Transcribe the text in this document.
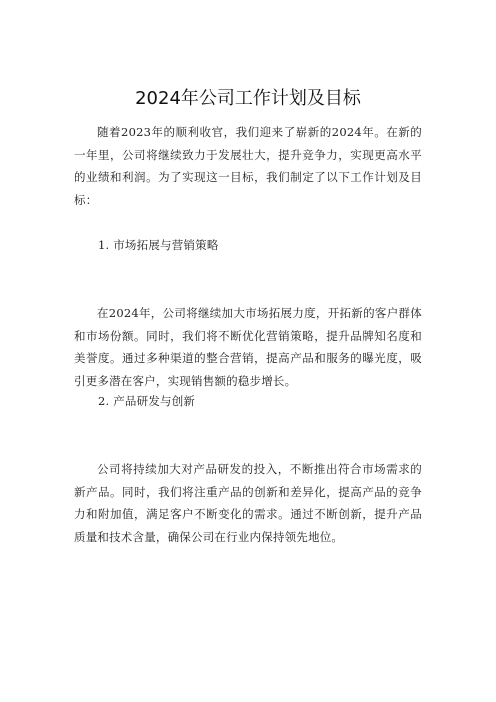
2024年公司工作计划及目标

随着2023年的顺利收官，我们迎来了崭新的2024年。在新的一年里，公司将继续致力于发展壮大，提升竞争力，实现更高水平的业绩和利润。为了实现这一目标，我们制定了以下工作计划及目标：

1. 市场拓展与营销策略

在2024年，公司将继续加大市场拓展力度，开拓新的客户群体和市场份额。同时，我们将不断优化营销策略，提升品牌知名度和美誉度。通过多种渠道的整合营销，提高产品和服务的曝光度，吸引更多潜在客户，实现销售额的稳步增长。

2. 产品研发与创新

公司将持续加大对产品研发的投入，不断推出符合市场需求的新产品。同时，我们将注重产品的创新和差异化，提高产品的竞争力和附加值，满足客户不断变化的需求。通过不断创新，提升产品质量和技术含量，确保公司在行业内保持领先地位。
